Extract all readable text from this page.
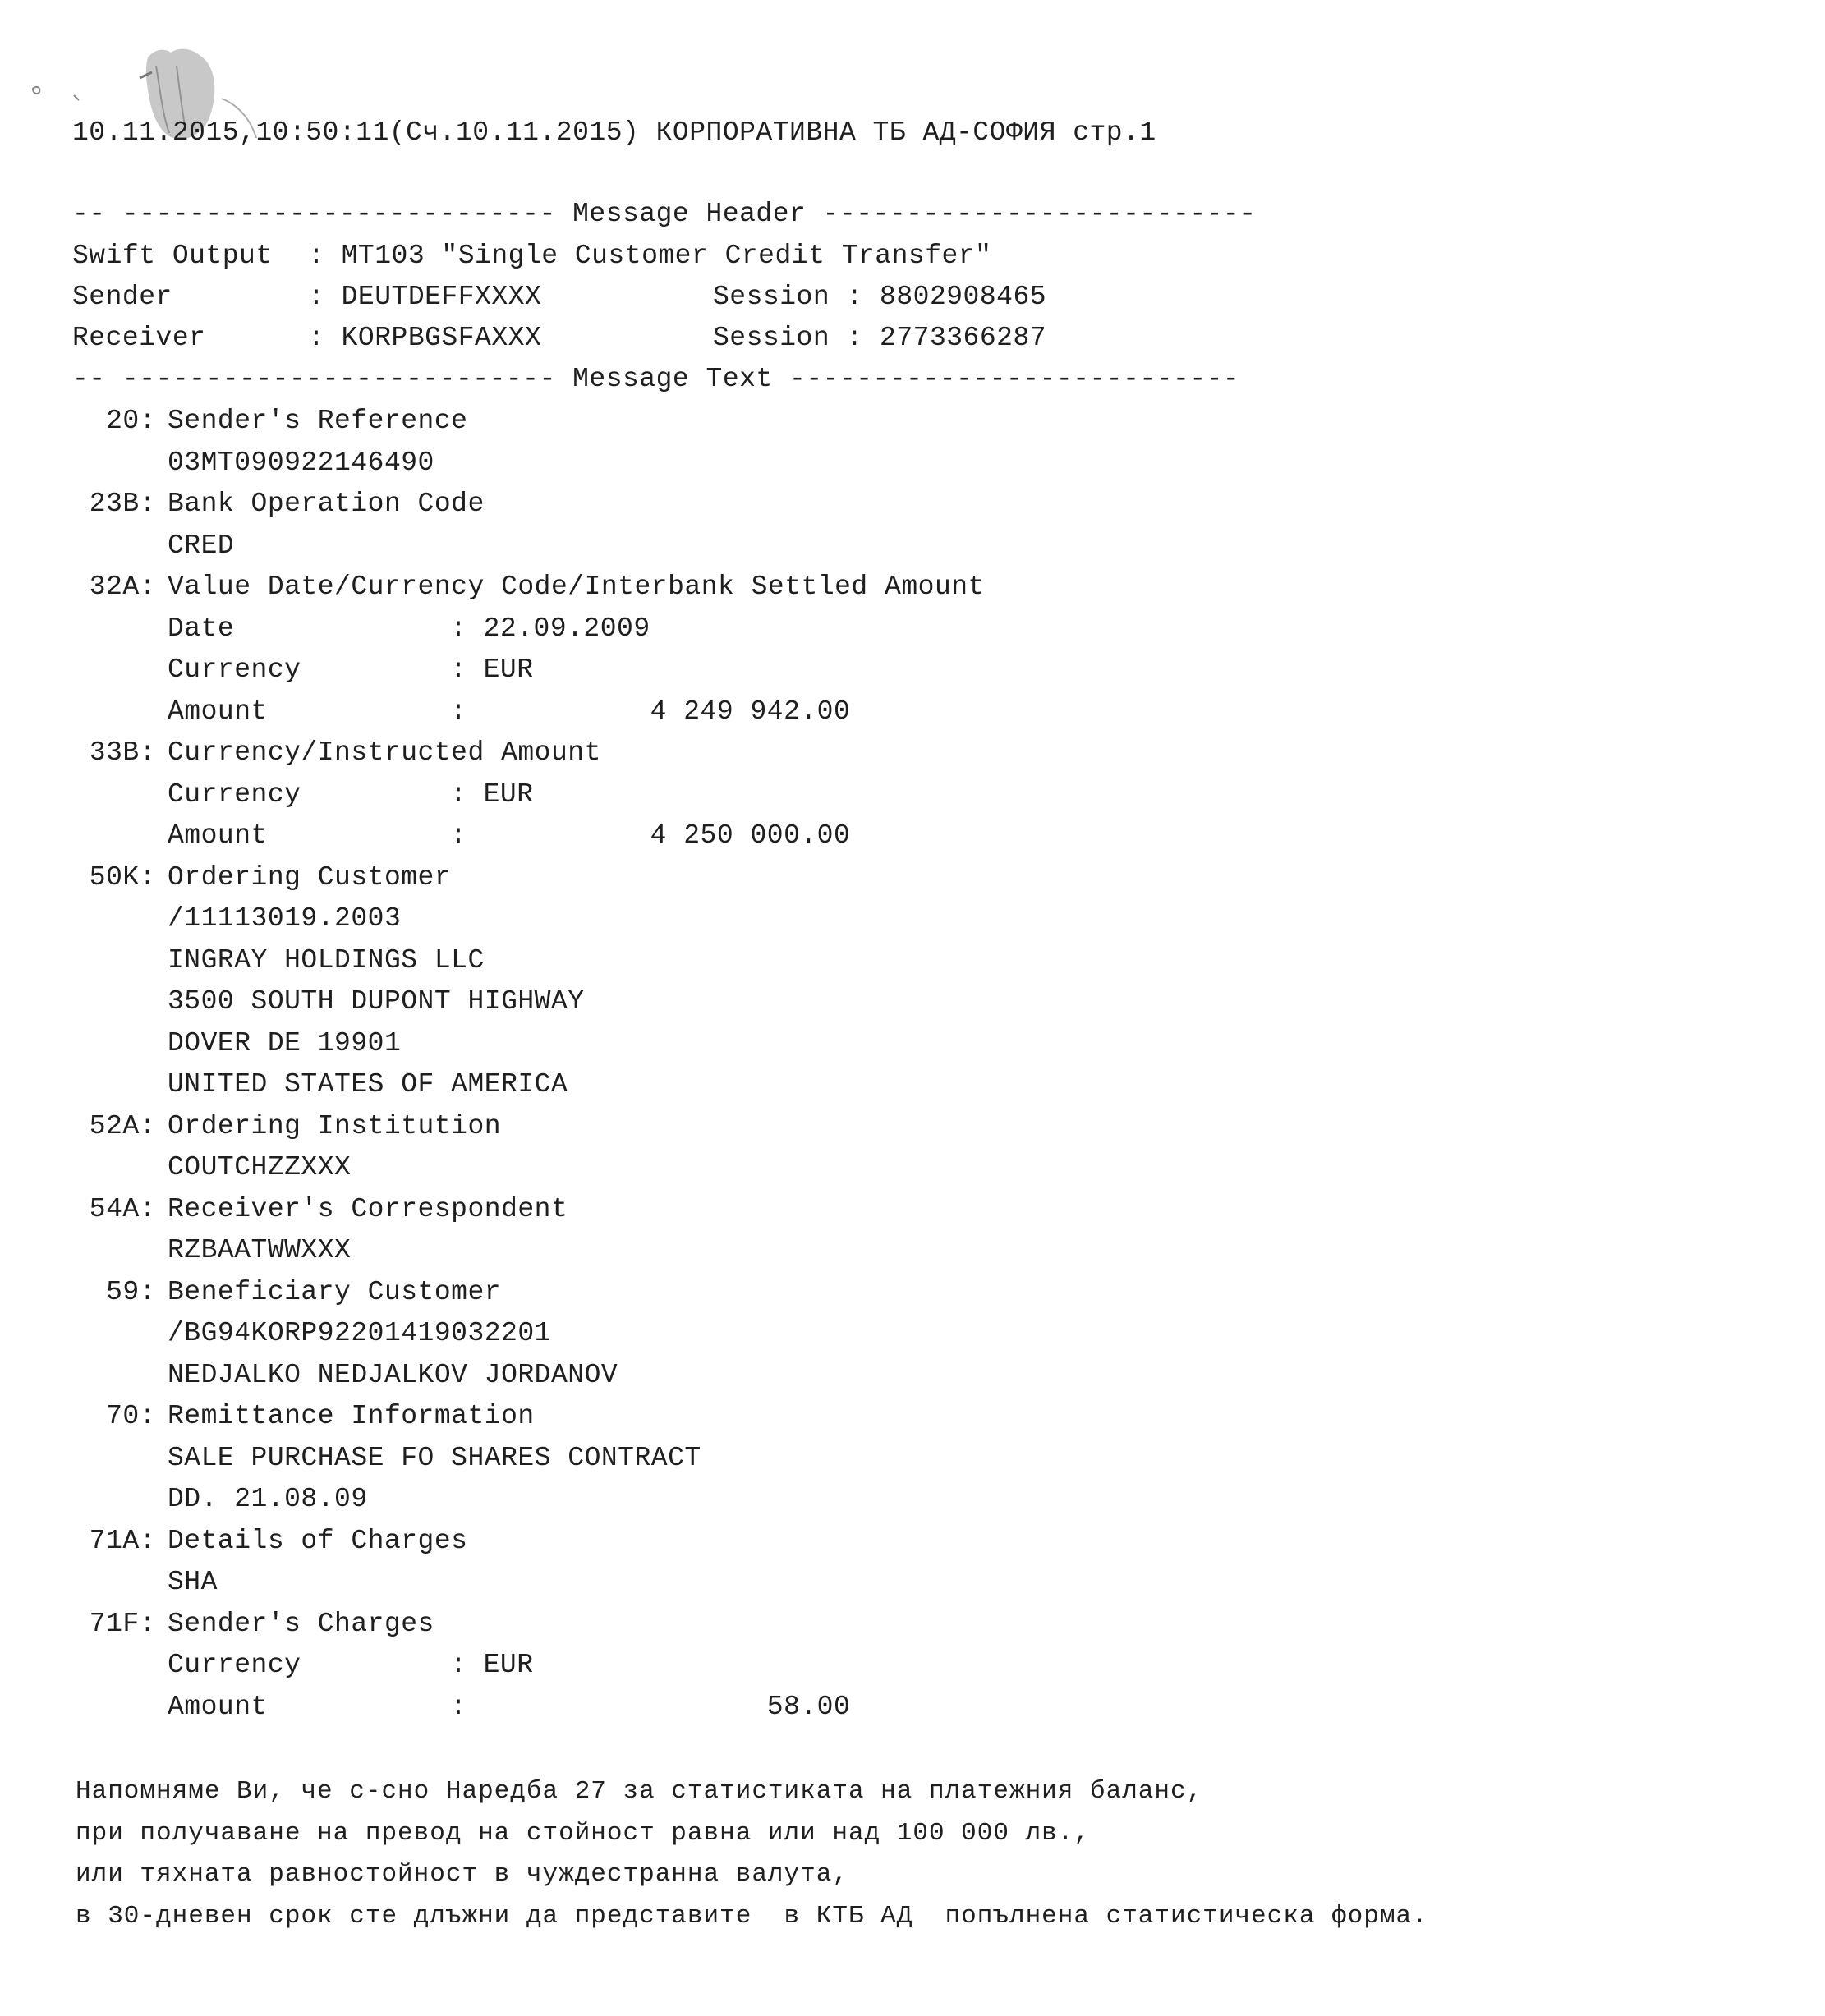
10.11.2015,10:50:11(Сч.10.11.2015) КОРПОРАТИВНА ТБ АД-СОФИЯ стр.1
-- -------------------------- Message Header --------------------------
Swift Output : MT103 "Single Customer Credit Transfer"
Sender	: DEUTDEFFXXXX	Session : 8802908465
Receiver	: KORPBGSFAXXX	Session : 2773366287
-- -------------------------- Message Text ---------------------------
20: Sender's Reference
03MT090922146490
23B: Bank Operation Code
CRED
32A: Value Date/Currency Code/Interbank Settled Amount
Date	: 22.09.2009
Currency	: EUR
Amount	:           4 249 942.00
33B: Currency/Instructed Amount
Currency	: EUR
Amount	:           4 250 000.00
50K: Ordering Customer
/11113019.2003
INGRAY HOLDINGS LLC
3500 SOUTH DUPONT HIGHWAY
DOVER DE 19901
UNITED STATES OF AMERICA
52A: Ordering Institution
COUTCHZZXXX
54A: Receiver's Correspondent
RZBAATWWXXX
59: Beneficiary Customer
/BG94KORP92201419032201
NEDJALKO NEDJALKOV JORDANOV
70: Remittance Information
SALE PURCHASE FO SHARES CONTRACT
DD. 21.08.09
71A: Details of Charges
SHA
71F: Sender's Charges
Currency	: EUR
Amount	:                  58.00
Напомняме Ви, че с-сно Наредба 27 за статистиката на платежния баланс,
при получаване на превод на стойност равна или над 100 000 лв.,
или тяхната равностойност в чуждестранна валута,
в 30-дневен срок сте длъжни да представите  в КТБ АД  попълнена статистическа форма.
